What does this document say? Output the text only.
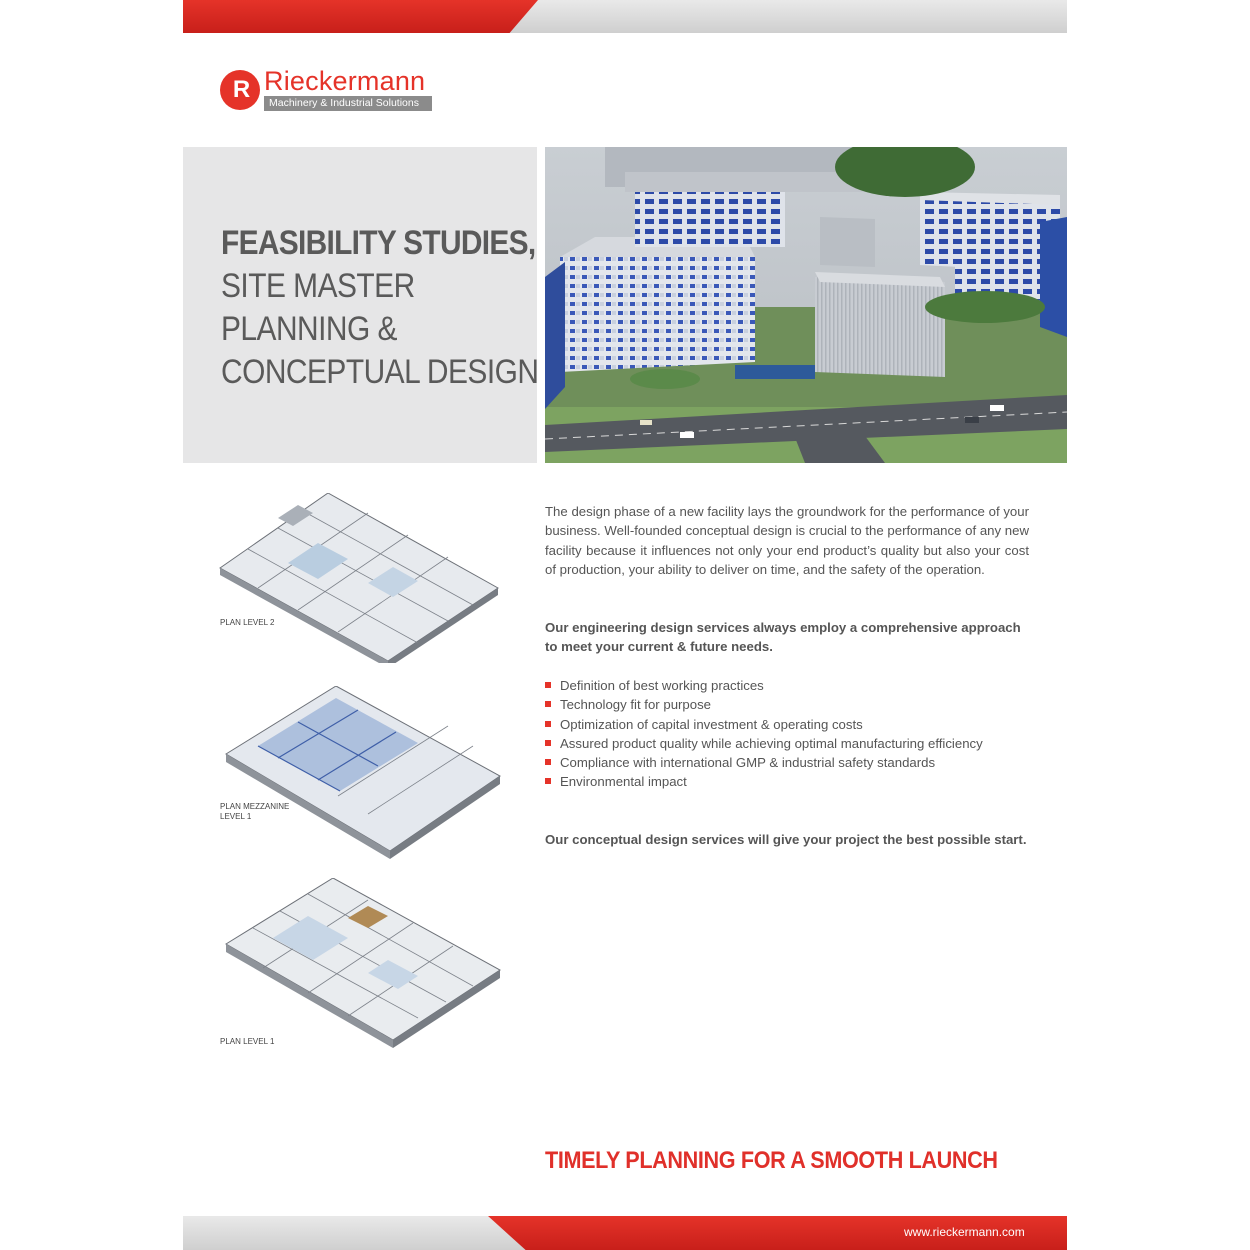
R Rieckermann
Machinery & Industrial Solutions
FEASIBILITY STUDIES,
SITE MASTER
PLANNING &
CONCEPTUAL DESIGN
PLAN LEVEL 2
PLAN MEZZANINE
LEVEL 1
PLAN LEVEL 1
The design phase of a new facility lays the groundwork for the performance of your business. Well-founded conceptual design is crucial to the performance of any new facility because it influences not only your end product’s quality but also your cost of production, your ability to deliver on time, and the safety of the operation.
Our engineering design services always employ a comprehensive approach to meet your current & future needs.
Definition of best working practices
Technology fit for purpose
Optimization of capital investment & operating costs
Assured product quality while achieving optimal manufacturing efficiency
Compliance with international GMP & industrial safety standards
Environmental impact
Our conceptual design services will give your project the best possible start.
TIMELY PLANNING FOR A SMOOTH LAUNCH
www.rieckermann.com
